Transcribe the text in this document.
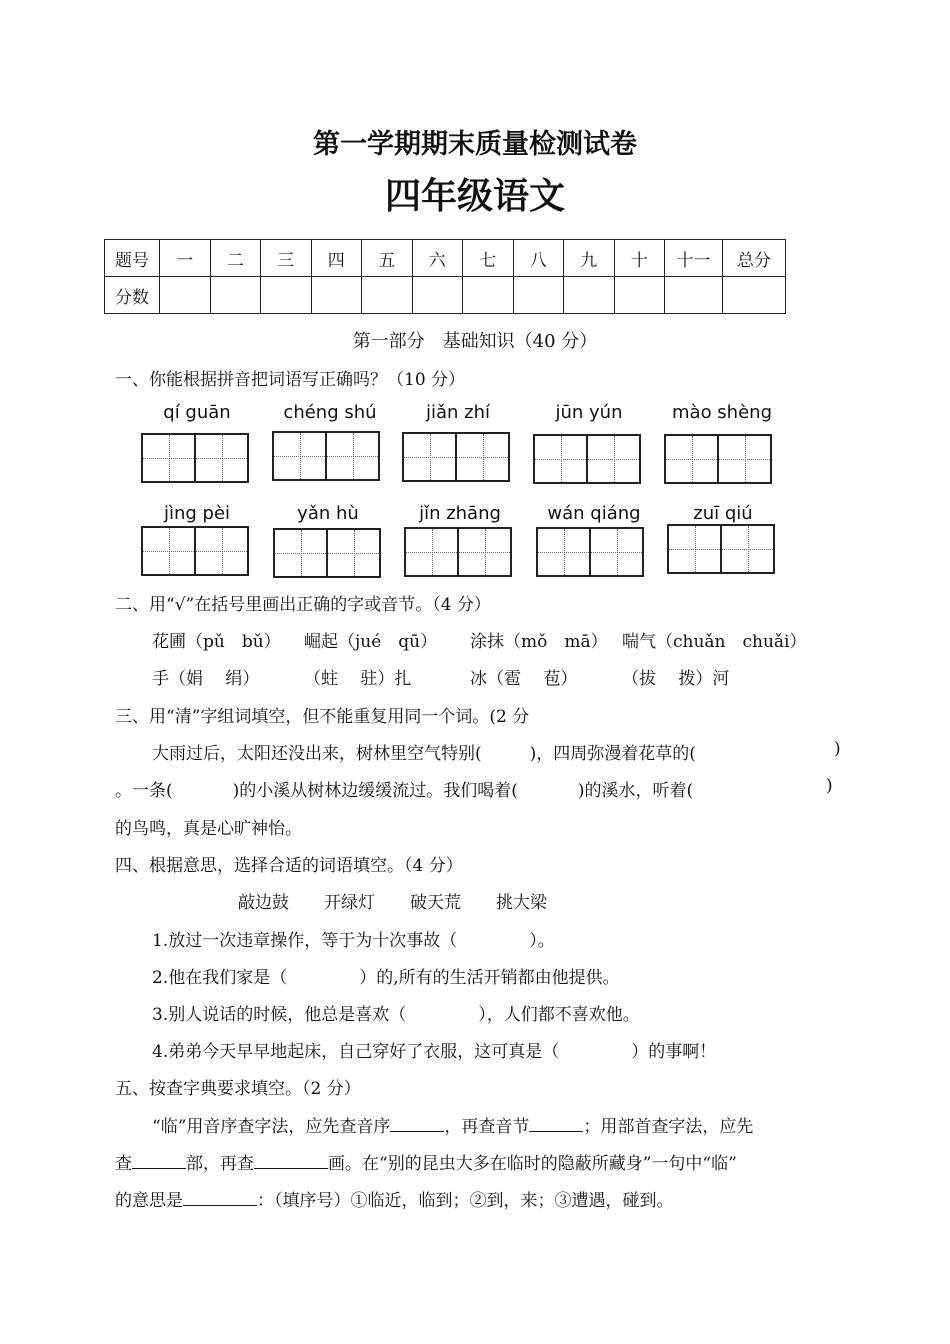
第一学期期末质量检测试卷
四年级语文
题号	一	二	三	四	五	六	七	八	九	十	十一	总分
分数												
第一部分　基础知识（40 分）
一、你能根据拼音把词语写正确吗？（10 分）
qí guān	chéng shú	jiǎn zhí	jūn yún	mào shèng
jìng pèi	yǎn hù	jǐn zhāng	wán qiáng	zuī qiú
二、用“√”在括号里画出正确的字或音节。（4 分）
花圃（pǔ　bǔ） 崛起（jué　qū） 涂抹（mǒ　mā） 喘气（chuǎn　chuǎi）
手（娟　 绢）	（蛀　 驻）扎	冰（雹　 苞）	（拔　 拨）河
三、用“清”字组词填空，但不能重复用同一个词。(2 分
大雨过后，太阳还没出来，树林里空气特别(	)，四周弥漫着花草的(	)
。一条(	)的小溪从树林边缓缓流过。我们喝着(	)的溪水，听着(	)
的鸟鸣，真是心旷神怡。
四、根据意思，选择合适的词语填空。（4 分）
敲边鼓 开绿灯 破天荒 挑大梁
1.放过一次违章操作，等于为十次事故（	）。
2.他在我们家是（	）的,所有的生活开销都由他提供。
3.别人说话的时候，他总是喜欢（	），人们都不喜欢他。
4.弟弟今天早早地起床，自己穿好了衣服，这可真是（	）的事啊！
五、按查字典要求填空。（2 分）
“临”用音序查字法，应先查音序	，再查音节	；用部首查字法，应先
查	部，再查	画。在“别的昆虫大多在临时的隐蔽所藏身”一句中“临”
的意思是	：（填序号）①临近，临到；②到，来；③遭遇，碰到。
